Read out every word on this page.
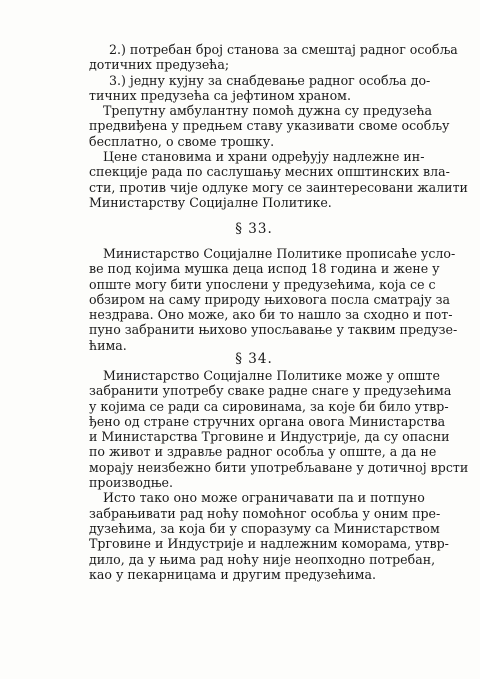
2.) потребан број станова за смештај радног особља
дотичних предузећа;
3.) једну кујну за снабдевање радног особља до-
тичних предузећа са јефтином храном.
Трепутну амбулантну помоћ дужна су предузећа
предвиђена у предњем ставу указивати своме особљу
бесплатно, о своме трошку.
Цене становима и храни одређују надлежне ин-
спекције рада по саслушању месних општинских вла-
сти, против чије одлуке могу се заинтересовани жалити
Министарству Социјалне Политике.
§ 33.
Министарство Социјалне Политике прописаће усло-
ве под којима мушка деца испод 18 година и жене у
опште могу бити упослени у предузећима, која се с
обзиром на саму природу њиховога посла сматрају за
нездрава. Оно може, ако би то нашло за сходно и пот-
пуно забранити њихово упосљавање у таквим предузе-
ћима.
§ 34.
Министарство Социјалне Политике може у опште
забранити употребу сваке радне снаге у предузећима
у којима се ради са сировинама, за које би било утвр-
ђено од стране стручних органа овога Министарства
и Министарства Трговине и Индустрије, да су опасни
по живот и здравље радног особља у опште, а да не
морају неизбежно бити употребљаване у дотичној врсти
производње.
Исто тако оно може ограничавати па и потпуно
забрањивати рад ноћу помоћног особља у оним пре-
дузећима, за која би у споразуму са Министарством
Трговине и Индустрије и надлежним коморама, утвр-
дило, да у њима рад ноћу није неопходно потребан,
као у пекарницама и другим предузећима.
